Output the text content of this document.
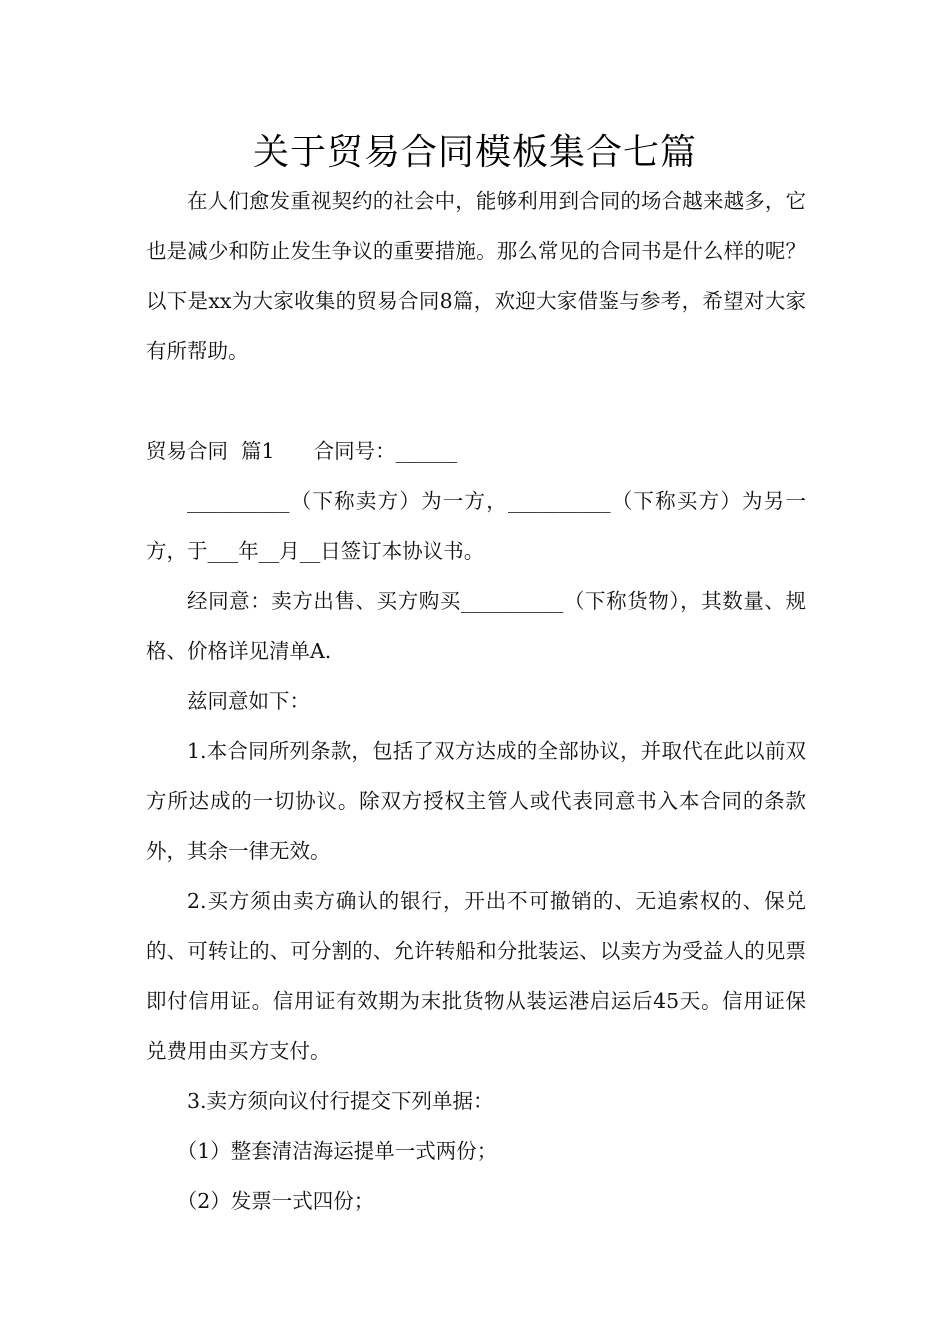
关于贸易合同模板集合七篇

在人们愈发重视契约的社会中，能够利用到合同的场合越来越多，它也是减少和防止发生争议的重要措施。那么常见的合同书是什么样的呢？以下是xx为大家收集的贸易合同8篇，欢迎大家借鉴与参考，希望对大家有所帮助。

贸易合同  篇1      合同号：______

__________（下称卖方）为一方，__________（下称买方）为另一方，于___年__月__日签订本协议书。

经同意：卖方出售、买方购买__________（下称货物），其数量、规格、价格详见清单A.

兹同意如下：

1.本合同所列条款，包括了双方达成的全部协议，并取代在此以前双方所达成的一切协议。除双方授权主管人或代表同意书入本合同的条款外，其余一律无效。

2.买方须由卖方确认的银行，开出不可撤销的、无追索权的、保兑的、可转让的、可分割的、允许转船和分批装运、以卖方为受益人的见票即付信用证。信用证有效期为末批货物从装运港启运后45天。信用证保兑费用由买方支付。

3.卖方须向议付行提交下列单据：

（1）整套清洁海运提单一式两份；

（2）发票一式四份；
